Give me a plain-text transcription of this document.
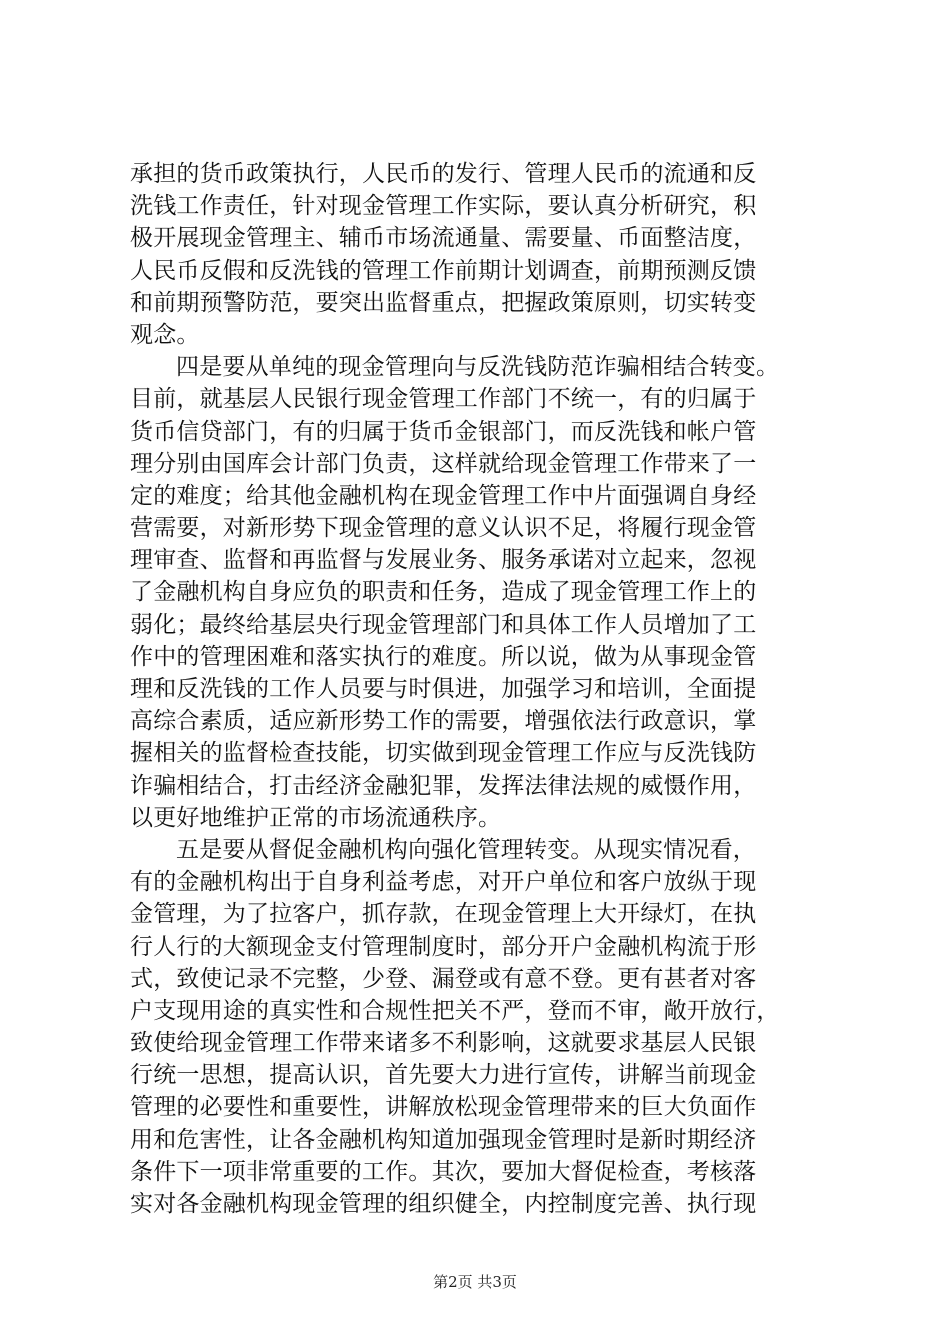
承担的货币政策执行，人民币的发行、管理人民币的流通和反
洗钱工作责任，针对现金管理工作实际，要认真分析研究，积
极开展现金管理主、辅币市场流通量、需要量、币面整洁度，
人民币反假和反洗钱的管理工作前期计划调查，前期预测反馈
和前期预警防范，要突出监督重点，把握政策原则，切实转变
观念。
四是要从单纯的现金管理向与反洗钱防范诈骗相结合转变。
目前，就基层人民银行现金管理工作部门不统一，有的归属于
货币信贷部门，有的归属于货币金银部门，而反洗钱和帐户管
理分别由国库会计部门负责，这样就给现金管理工作带来了一
定的难度；给其他金融机构在现金管理工作中片面强调自身经
营需要，对新形势下现金管理的意义认识不足，将履行现金管
理审查、监督和再监督与发展业务、服务承诺对立起来，忽视
了金融机构自身应负的职责和任务，造成了现金管理工作上的
弱化；最终给基层央行现金管理部门和具体工作人员增加了工
作中的管理困难和落实执行的难度。所以说，做为从事现金管
理和反洗钱的工作人员要与时俱进，加强学习和培训，全面提
高综合素质，适应新形势工作的需要，增强依法行政意识，掌
握相关的监督检查技能，切实做到现金管理工作应与反洗钱防
诈骗相结合，打击经济金融犯罪，发挥法律法规的威慑作用，
以更好地维护正常的市场流通秩序。
五是要从督促金融机构向强化管理转变。从现实情况看，
有的金融机构出于自身利益考虑，对开户单位和客户放纵于现
金管理，为了拉客户，抓存款，在现金管理上大开绿灯，在执
行人行的大额现金支付管理制度时，部分开户金融机构流于形
式，致使记录不完整，少登、漏登或有意不登。更有甚者对客
户支现用途的真实性和合规性把关不严，登而不审，敞开放行，
致使给现金管理工作带来诸多不利影响，这就要求基层人民银
行统一思想，提高认识，首先要大力进行宣传，讲解当前现金
管理的必要性和重要性，讲解放松现金管理带来的巨大负面作
用和危害性，让各金融机构知道加强现金管理时是新时期经济
条件下一项非常重要的工作。其次，要加大督促检查，考核落
实对各金融机构现金管理的组织健全，内控制度完善、执行现
第2页 共3页
